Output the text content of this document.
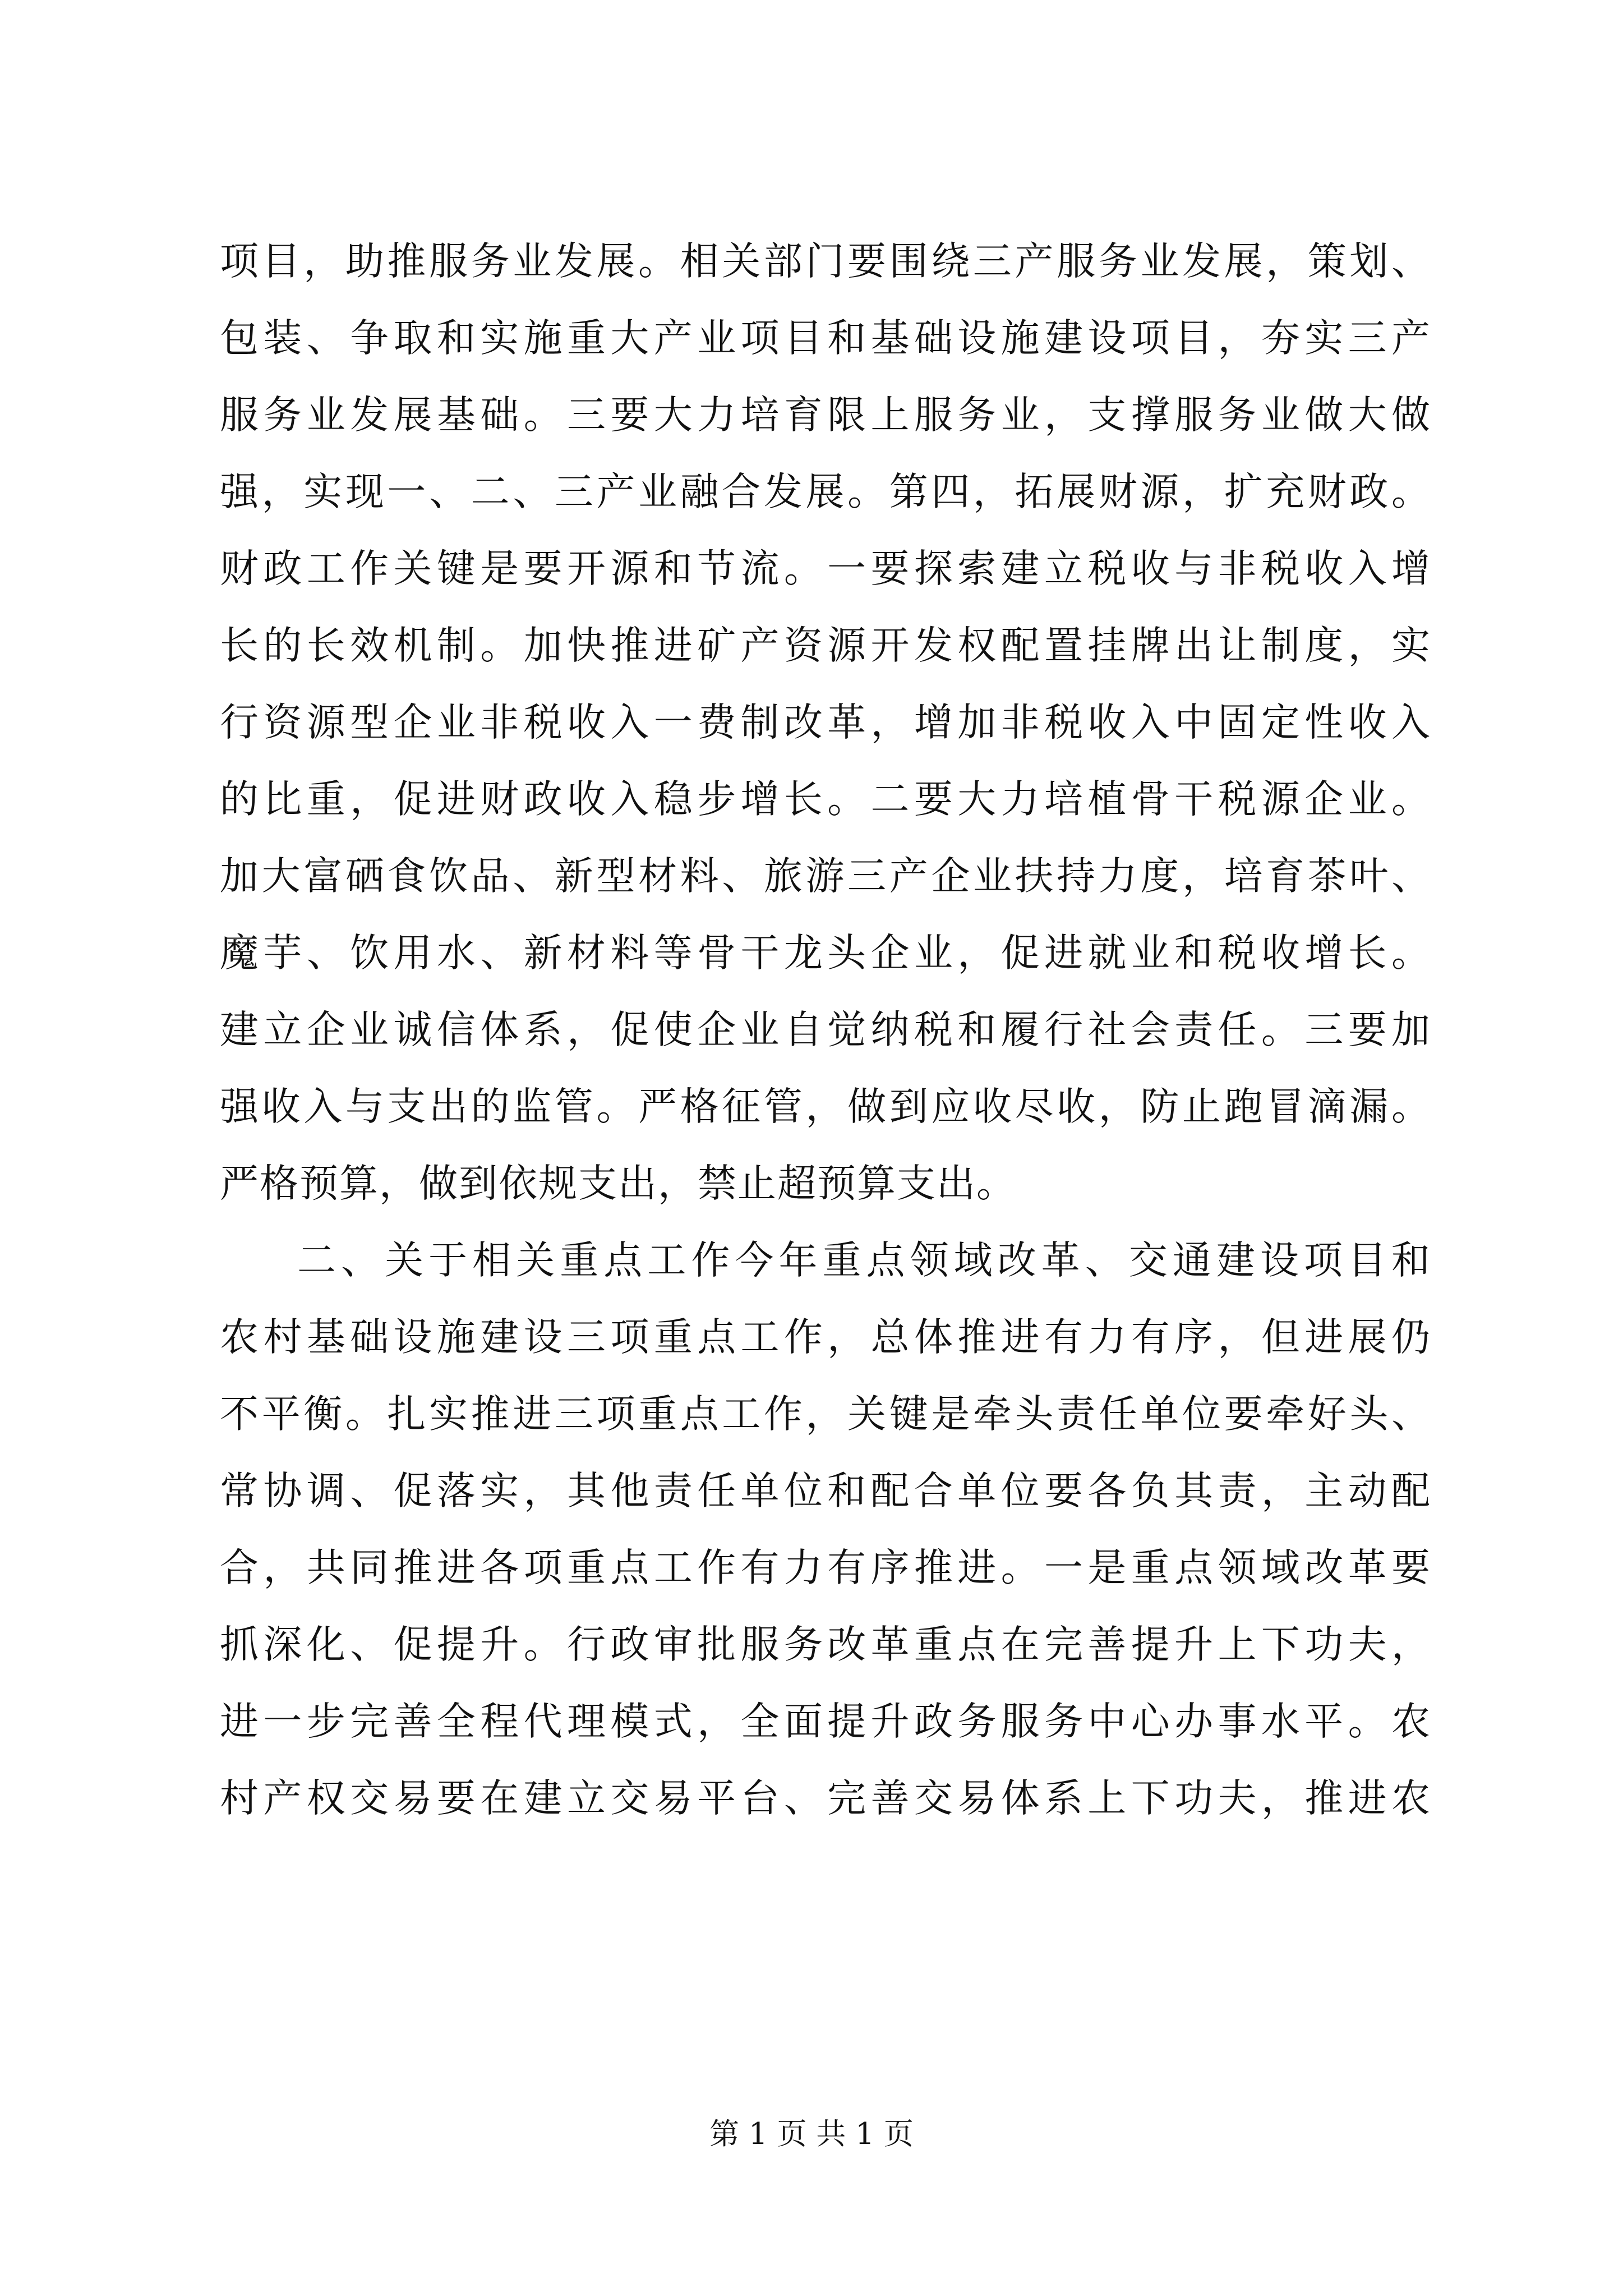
项目，助推服务业发展。相关部门要围绕三产服务业发展，策划、
包装、争取和实施重大产业项目和基础设施建设项目，夯实三产
服务业发展基础。三要大力培育限上服务业，支撑服务业做大做
强，实现一、二、三产业融合发展。第四，拓展财源，扩充财政。
财政工作关键是要开源和节流。一要探索建立税收与非税收入增
长的长效机制。加快推进矿产资源开发权配置挂牌出让制度，实
行资源型企业非税收入一费制改革，增加非税收入中固定性收入
的比重，促进财政收入稳步增长。二要大力培植骨干税源企业。
加大富硒食饮品、新型材料、旅游三产企业扶持力度，培育茶叶、
魔芋、饮用水、新材料等骨干龙头企业，促进就业和税收增长。
建立企业诚信体系，促使企业自觉纳税和履行社会责任。三要加
强收入与支出的监管。严格征管，做到应收尽收，防止跑冒滴漏。
严格预算，做到依规支出，禁止超预算支出。
二、关于相关重点工作今年重点领域改革、交通建设项目和
农村基础设施建设三项重点工作，总体推进有力有序，但进展仍
不平衡。扎实推进三项重点工作，关键是牵头责任单位要牵好头、
常协调、促落实，其他责任单位和配合单位要各负其责，主动配
合，共同推进各项重点工作有力有序推进。一是重点领域改革要
抓深化、促提升。行政审批服务改革重点在完善提升上下功夫，
进一步完善全程代理模式，全面提升政务服务中心办事水平。农
村产权交易要在建立交易平台、完善交易体系上下功夫，推进农
第 1 页 共 1 页
